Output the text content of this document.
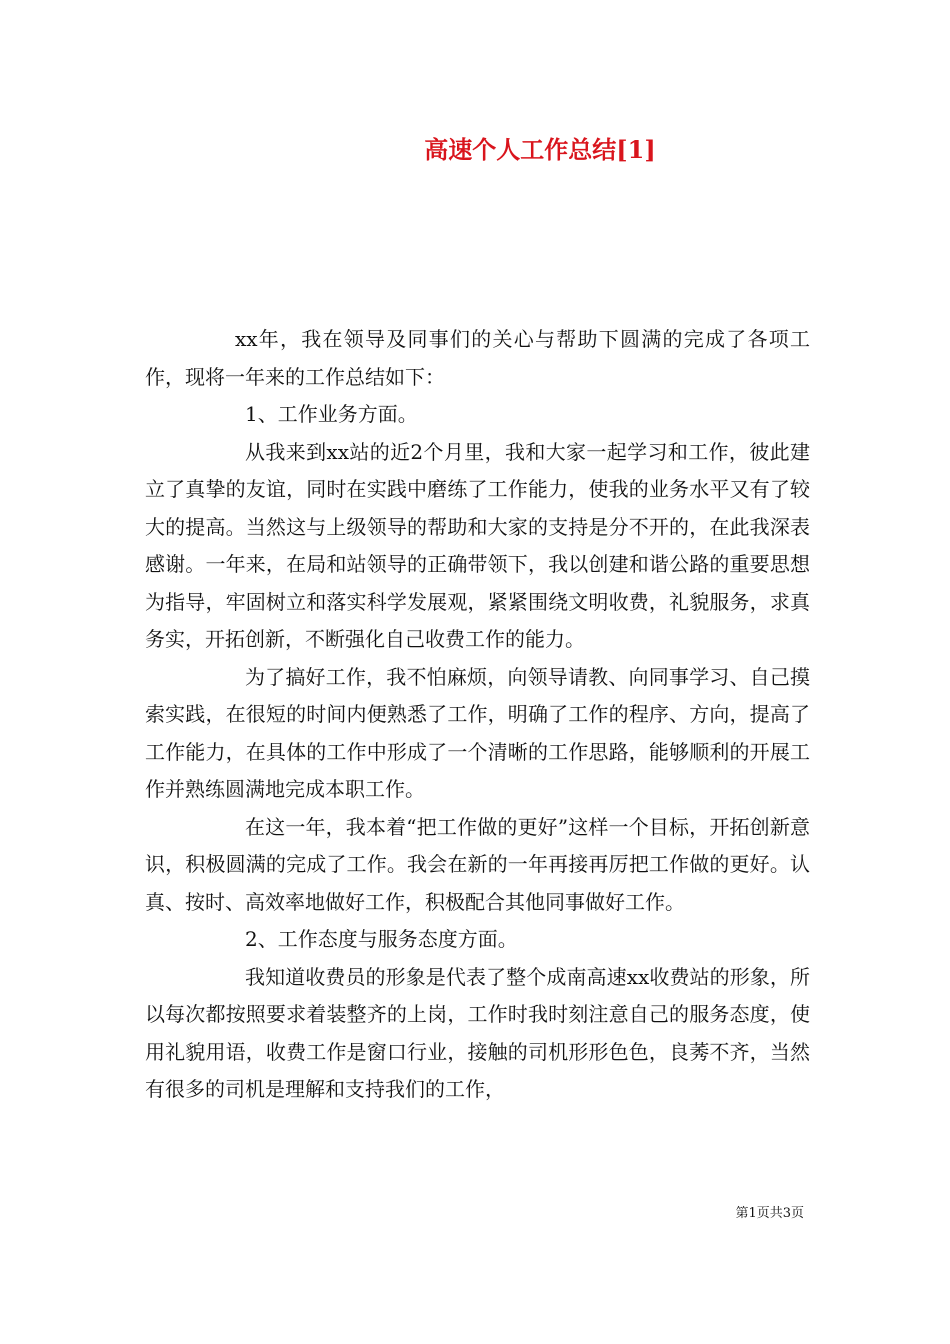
高速个人工作总结[1]

xx年，我在领导及同事们的关心与帮助下圆满的完成了各项工作，现将一年来的工作总结如下：

1、工作业务方面。

从我来到xx站的近2个月里，我和大家一起学习和工作，彼此建立了真挚的友谊，同时在实践中磨练了工作能力，使我的业务水平又有了较大的提高。当然这与上级领导的帮助和大家的支持是分不开的，在此我深表感谢。一年来，在局和站领导的正确带领下，我以创建和谐公路的重要思想为指导，牢固树立和落实科学发展观，紧紧围绕文明收费，礼貌服务，求真务实，开拓创新，不断强化自己收费工作的能力。

为了搞好工作，我不怕麻烦，向领导请教、向同事学习、自己摸索实践，在很短的时间内便熟悉了工作，明确了工作的程序、方向，提高了工作能力，在具体的工作中形成了一个清晰的工作思路，能够顺利的开展工作并熟练圆满地完成本职工作。

在这一年，我本着“把工作做的更好”这样一个目标，开拓创新意识，积极圆满的完成了工作。我会在新的一年再接再厉把工作做的更好。认真、按时、高效率地做好工作，积极配合其他同事做好工作。

2、工作态度与服务态度方面。

我知道收费员的形象是代表了整个成南高速xx收费站的形象，所以每次都按照要求着装整齐的上岗，工作时我时刻注意自己的服务态度，使用礼貌用语，收费工作是窗口行业，接触的司机形形色色，良莠不齐，当然有很多的司机是理解和支持我们的工作，

第1页共3页
